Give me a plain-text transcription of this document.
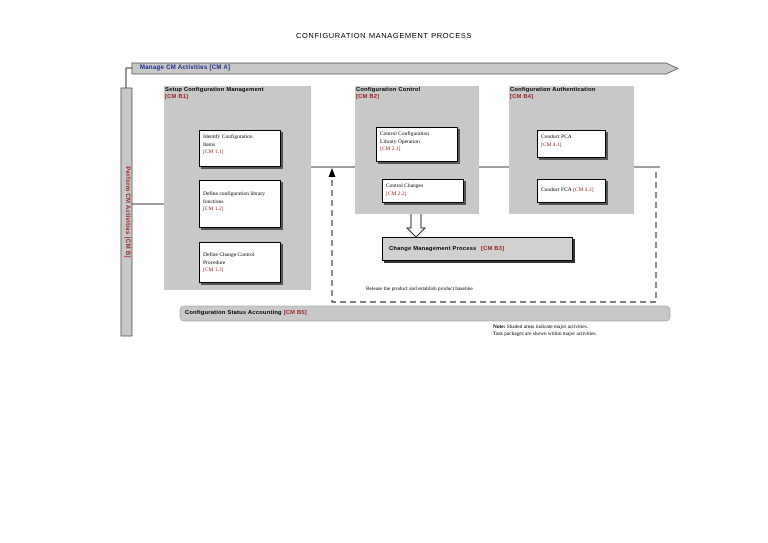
CONFIGURATION MANAGEMENT PROCESS
Manage CM Activities [CM A]
Perform CM Activities [CM B]
Setup Configuration Management
[CM B1]
Identify Configuration Items
[CM 1.1]
Define configuration library functions
[CM 1.2]
Define Change Control Procedure
[CM 1.3]
Configuration Control
[CM B2]
Control Configuration Library Operation
[CM 2.1]
Control Changes
[CM 2.2]
Configuration Authentication
[CM B4]
Conduct PCA
[CM 4.1]
Conduct FCA
[CM 4.2]
Change Management Process
[CM B3]
Release the product and establish product baseline
Configuration Status Accounting [CM B5]
Note: Shaded areas indicate major activities.
Task packages are shown within major activities.
